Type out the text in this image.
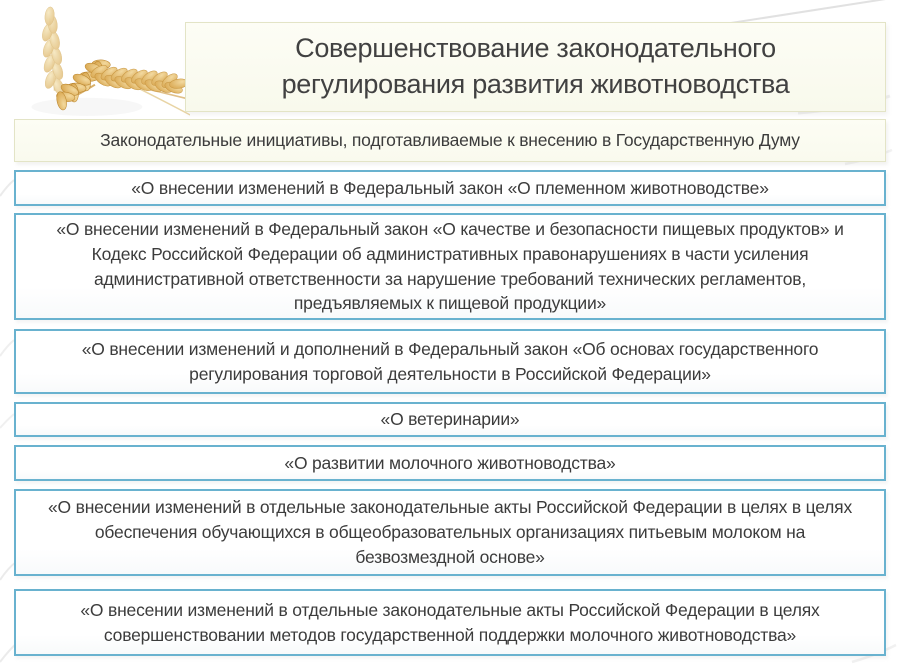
Совершенствование законодательного регулирования развития животноводства
Законодательные инициативы, подготавливаемые к внесению в Государственную Думу
«О внесении изменений в Федеральный закон «О племенном животноводстве»
«О внесении изменений в Федеральный закон «О качестве и безопасности пищевых продуктов» и Кодекс Российской Федерации об административных правонарушениях в части усиления административной ответственности за нарушение требований технических регламентов, предъявляемых к пищевой продукции»
«О внесении изменений и дополнений в Федеральный закон «Об основах государственного регулирования торговой деятельности в Российской Федерации»
«О ветеринарии»
«О развитии молочного животноводства»
«О внесении изменений в отдельные законодательные акты Российской Федерации в целях в целях обеспечения обучающихся в общеобразовательных организациях питьевым молоком на безвозмездной основе»
«О внесении изменений в отдельные законодательные акты Российской Федерации в целях совершенствовании методов государственной поддержки молочного животноводства»
